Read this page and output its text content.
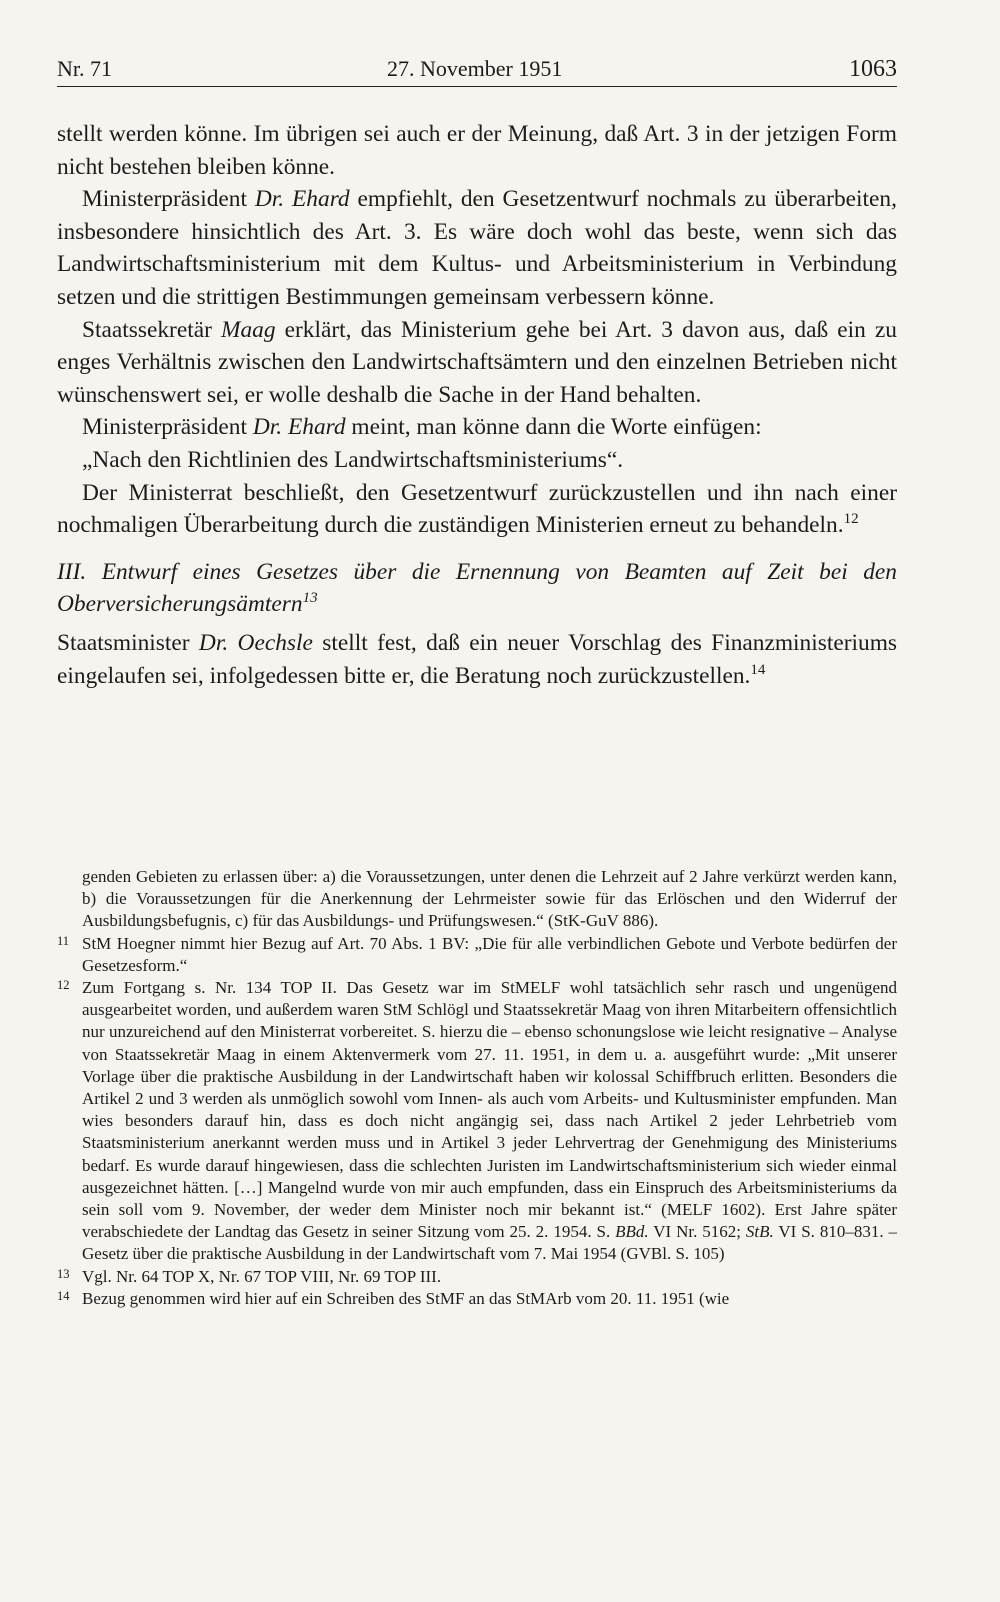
Nr. 71	27. November 1951	1063

stellt werden könne. Im übrigen sei auch er der Meinung, daß Art. 3 in der jetzigen Form nicht bestehen bleiben könne.

Ministerpräsident Dr. Ehard empfiehlt, den Gesetzentwurf nochmals zu überarbeiten, insbesondere hinsichtlich des Art. 3. Es wäre doch wohl das beste, wenn sich das Landwirtschaftsministerium mit dem Kultus- und Arbeitsministerium in Verbindung setzen und die strittigen Bestimmungen gemeinsam verbessern könne.

Staatssekretär Maag erklärt, das Ministerium gehe bei Art. 3 davon aus, daß ein zu enges Verhältnis zwischen den Landwirtschaftsämtern und den einzelnen Betrieben nicht wünschenswert sei, er wolle deshalb die Sache in der Hand behalten.

Ministerpräsident Dr. Ehard meint, man könne dann die Worte einfügen:

„Nach den Richtlinien des Landwirtschaftsministeriums“.

Der Ministerrat beschließt, den Gesetzentwurf zurückzustellen und ihn nach einer nochmaligen Überarbeitung durch die zuständigen Ministerien erneut zu behandeln.$^{12}$

III. Entwurf eines Gesetzes über die Ernennung von Beamten auf Zeit bei den Oberversicherungsämtern$^{13}$

Staatsminister Dr. Oechsle stellt fest, daß ein neuer Vorschlag des Finanzministeriums eingelaufen sei, infolgedessen bitte er, die Beratung noch zurückzustellen.$^{14}$

genden Gebieten zu erlassen über: a) die Voraussetzungen, unter denen die Lehrzeit auf 2 Jahre verkürzt werden kann, b) die Voraussetzungen für die Anerkennung der Lehrmeister sowie für das Erlöschen und den Widerruf der Ausbildungsbefugnis, c) für das Ausbildungs- und Prüfungswesen.“ (StK-GuV 886).

11 StM Hoegner nimmt hier Bezug auf Art. 70 Abs. 1 BV: „Die für alle verbindlichen Gebote und Verbote bedürfen der Gesetzesform.“
12 Zum Fortgang s. Nr. 134 TOP II. Das Gesetz war im StMELF wohl tatsächlich sehr rasch und ungenügend ausgearbeitet worden, und außerdem waren StM Schlögl und Staatssekretär Maag von ihren Mitarbeitern offensichtlich nur unzureichend auf den Ministerrat vorbereitet. S. hierzu die – ebenso schonungslose wie leicht resignative – Analyse von Staatssekretär Maag in einem Aktenvermerk vom 27. 11. 1951, in dem u. a. ausgeführt wurde: „Mit unserer Vorlage über die praktische Ausbildung in der Landwirtschaft haben wir kolossal Schiffbruch erlitten. Besonders die Artikel 2 und 3 werden als unmöglich sowohl vom Innen- als auch vom Arbeits- und Kultusminister empfunden. Man wies besonders darauf hin, dass es doch nicht angängig sei, dass nach Artikel 2 jeder Lehrbetrieb vom Staatsministerium anerkannt werden muss und in Artikel 3 jeder Lehrvertrag der Genehmigung des Ministeriums bedarf. Es wurde darauf hingewiesen, dass die schlechten Juristen im Landwirtschaftsministerium sich wieder einmal ausgezeichnet hätten. […] Mangelnd wurde von mir auch empfunden, dass ein Einspruch des Arbeitsministeriums da sein soll vom 9. November, der weder dem Minister noch mir bekannt ist.“ (MELF 1602). Erst Jahre später verabschiedete der Landtag das Gesetz in seiner Sitzung vom 25. 2. 1954. S. BBd. VI Nr. 5162; StB. VI S. 810–831. – Gesetz über die praktische Ausbildung in der Landwirtschaft vom 7. Mai 1954 (GVBl. S. 105)
13 Vgl. Nr. 64 TOP X, Nr. 67 TOP VIII, Nr. 69 TOP III.
14 Bezug genommen wird hier auf ein Schreiben des StMF an das StMArb vom 20. 11. 1951 (wie
